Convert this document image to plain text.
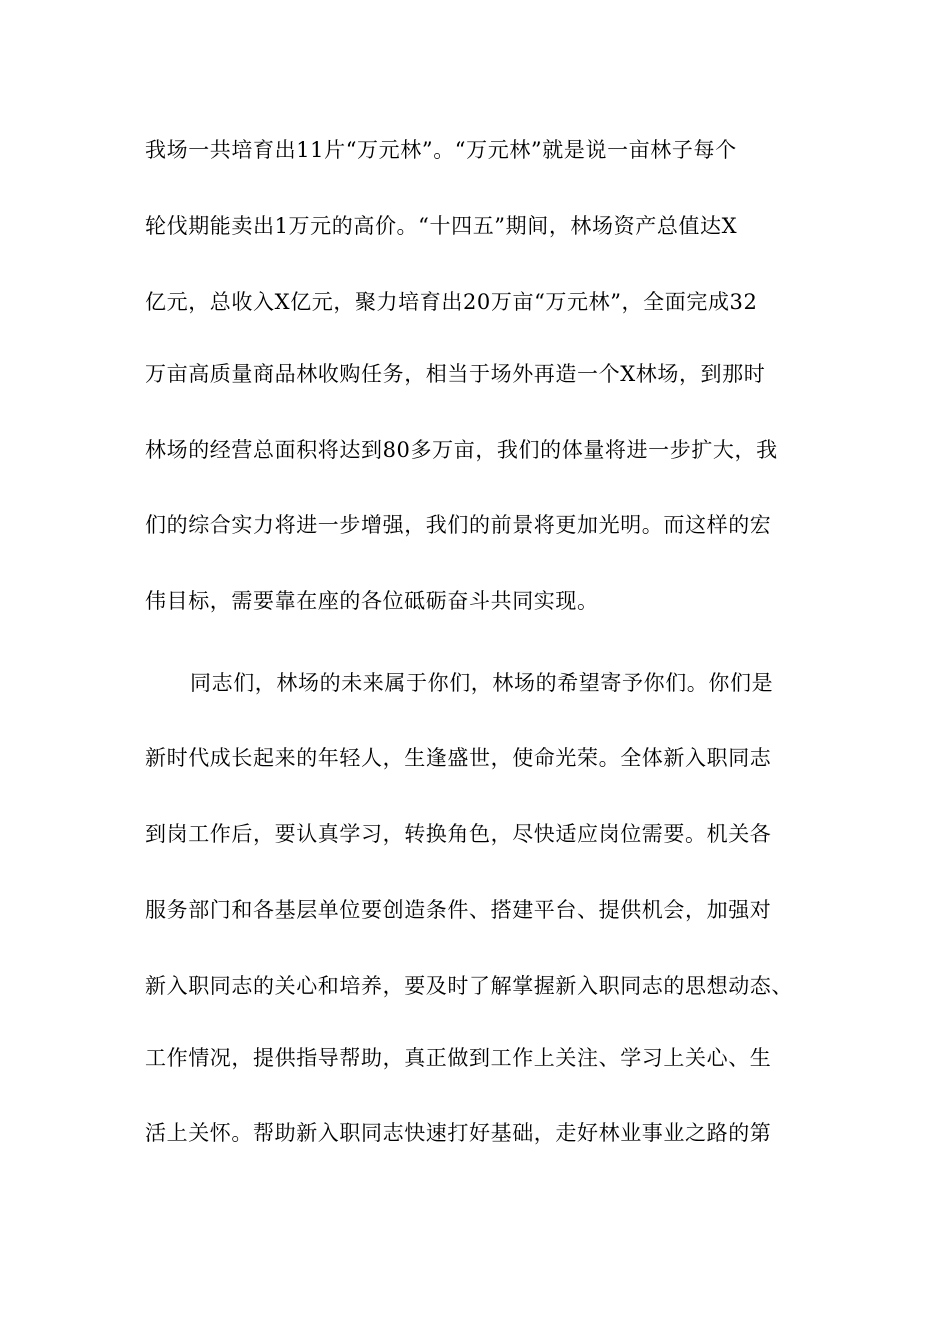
我场一共培育出11片“万元林”。“万元林”就是说一亩林子每个
轮伐期能卖出1万元的高价。“十四五”期间，林场资产总值达X
亿元，总收入X亿元，聚力培育出20万亩“万元林”，全面完成32
万亩高质量商品林收购任务，相当于场外再造一个X林场，到那时
林场的经营总面积将达到80多万亩，我们的体量将进一步扩大，我
们的综合实力将进一步增强，我们的前景将更加光明。而这样的宏
伟目标，需要靠在座的各位砥砺奋斗共同实现。
同志们，林场的未来属于你们，林场的希望寄予你们。你们是
新时代成长起来的年轻人，生逢盛世，使命光荣。全体新入职同志
到岗工作后，要认真学习，转换角色，尽快适应岗位需要。机关各
服务部门和各基层单位要创造条件、搭建平台、提供机会，加强对
新入职同志的关心和培养，要及时了解掌握新入职同志的思想动态、
工作情况，提供指导帮助，真正做到工作上关注、学习上关心、生
活上关怀。帮助新入职同志快速打好基础，走好林业事业之路的第
